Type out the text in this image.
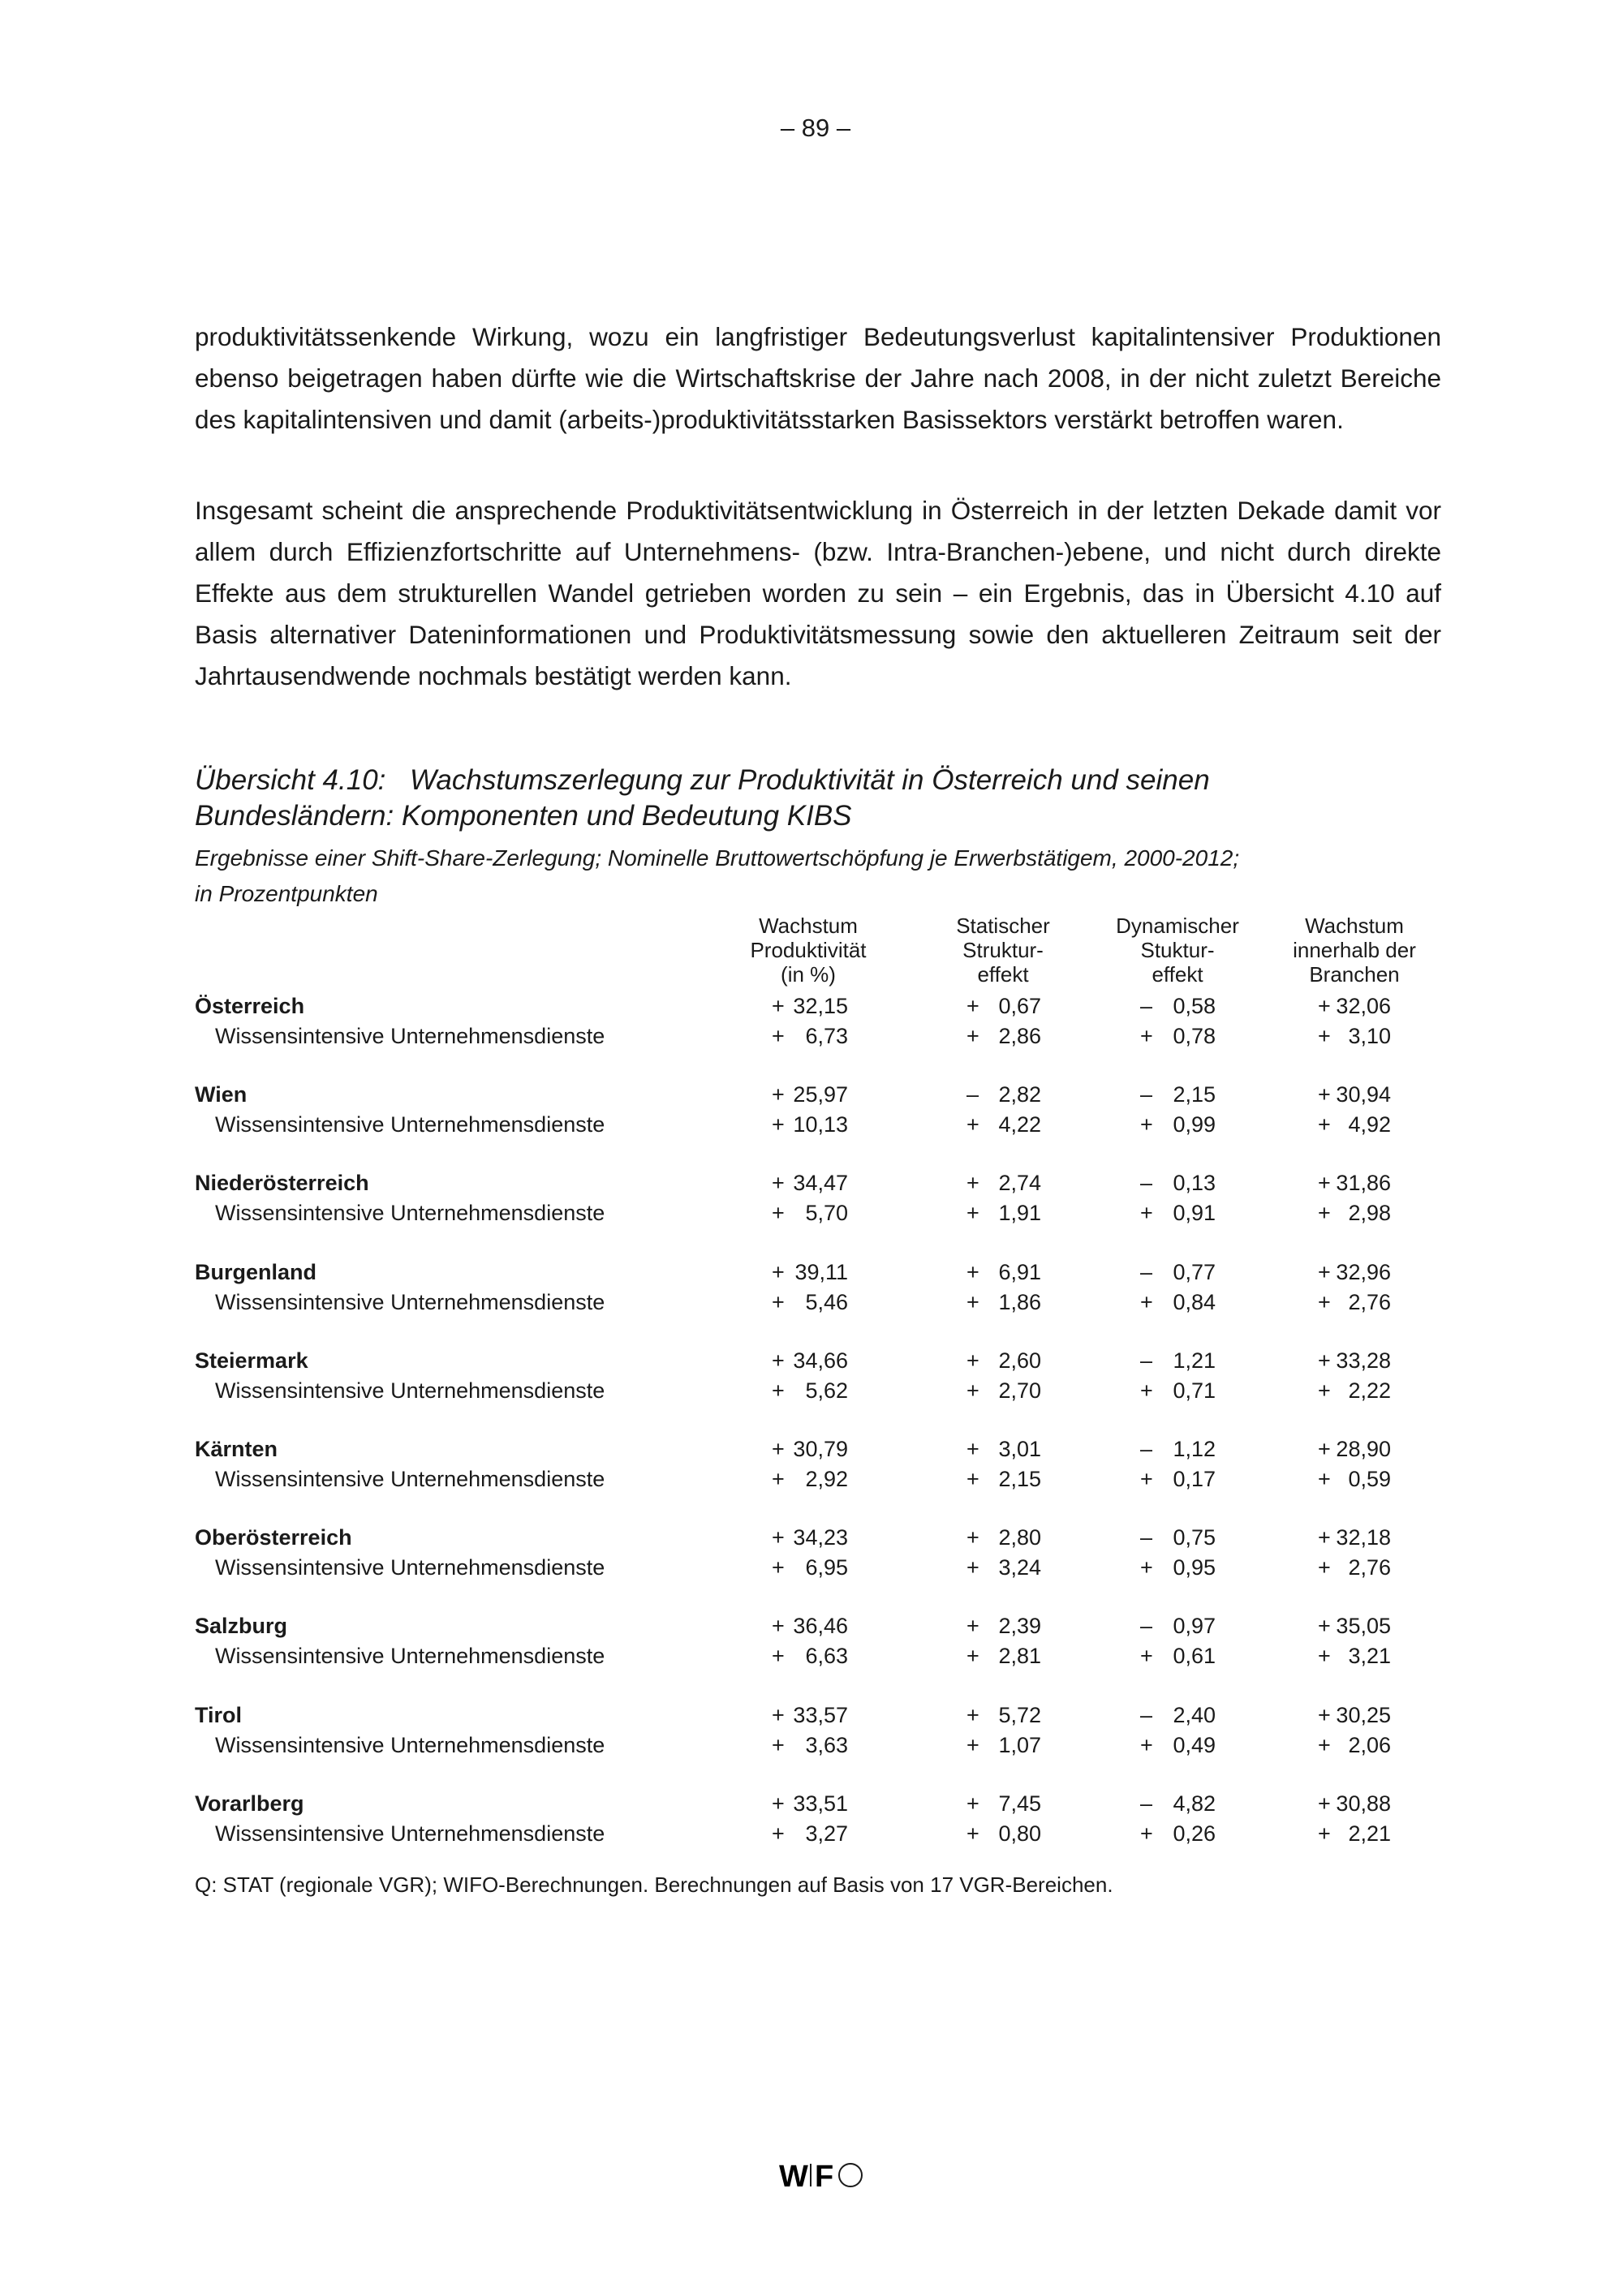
– 89 –

produktivitätssenkende Wirkung, wozu ein langfristiger Bedeutungsverlust kapitalintensiver Produktionen ebenso beigetragen haben dürfte wie die Wirtschaftskrise der Jahre nach 2008, in der nicht zuletzt Bereiche des kapitalintensiven und damit (arbeits-)produktivitätsstarken Basissektors verstärkt betroffen waren.

Insgesamt scheint die ansprechende Produktivitätsentwicklung in Österreich in der letzten Dekade damit vor allem durch Effizienzfortschritte auf Unternehmens- (bzw. Intra-Branchen-)ebene, und nicht durch direkte Effekte aus dem strukturellen Wandel getrieben worden zu sein – ein Ergebnis, das in Übersicht 4.10 auf Basis alternativer Dateninformationen und Produktivitätsmessung sowie den aktuelleren Zeitraum seit der Jahrtausendwende nochmals bestätigt werden kann.

Übersicht 4.10: Wachstumszerlegung zur Produktivität in Österreich und seinen
Bundesländern: Komponenten und Bedeutung KIBS
Ergebnisse einer Shift-Share-Zerlegung; Nominelle Bruttowertschöpfung je Erwerbstätigem, 2000-2012;
in Prozentpunkten
Wachstum
Produktivität
(in %)
Statischer
Struktur-
effekt
Dynamischer
Stuktur-
effekt
Wachstum
innerhalb der
Branchen
Österreich	+ 32,15	+ 0,67	– 0,58	+ 32,06
Wissensintensive Unternehmensdienste	+ 6,73	+ 2,86	+ 0,78	+ 3,10
Wien	+ 25,97	– 2,82	– 2,15	+ 30,94
Wissensintensive Unternehmensdienste	+ 10,13	+ 4,22	+ 0,99	+ 4,92
Niederösterreich	+ 34,47	+ 2,74	– 0,13	+ 31,86
Wissensintensive Unternehmensdienste	+ 5,70	+ 1,91	+ 0,91	+ 2,98
Burgenland	+ 39,11	+ 6,91	– 0,77	+ 32,96
Wissensintensive Unternehmensdienste	+ 5,46	+ 1,86	+ 0,84	+ 2,76
Steiermark	+ 34,66	+ 2,60	– 1,21	+ 33,28
Wissensintensive Unternehmensdienste	+ 5,62	+ 2,70	+ 0,71	+ 2,22
Kärnten	+ 30,79	+ 3,01	– 1,12	+ 28,90
Wissensintensive Unternehmensdienste	+ 2,92	+ 2,15	+ 0,17	+ 0,59
Oberösterreich	+ 34,23	+ 2,80	– 0,75	+ 32,18
Wissensintensive Unternehmensdienste	+ 6,95	+ 3,24	+ 0,95	+ 2,76
Salzburg	+ 36,46	+ 2,39	– 0,97	+ 35,05
Wissensintensive Unternehmensdienste	+ 6,63	+ 2,81	+ 0,61	+ 3,21
Tirol	+ 33,57	+ 5,72	– 2,40	+ 30,25
Wissensintensive Unternehmensdienste	+ 3,63	+ 1,07	+ 0,49	+ 2,06
Vorarlberg	+ 33,51	+ 7,45	– 4,82	+ 30,88
Wissensintensive Unternehmensdienste	+ 3,27	+ 0,80	+ 0,26	+ 2,21
Q: STAT (regionale VGR); WIFO-Berechnungen. Berechnungen auf Basis von 17 VGR-Bereichen.
W F
